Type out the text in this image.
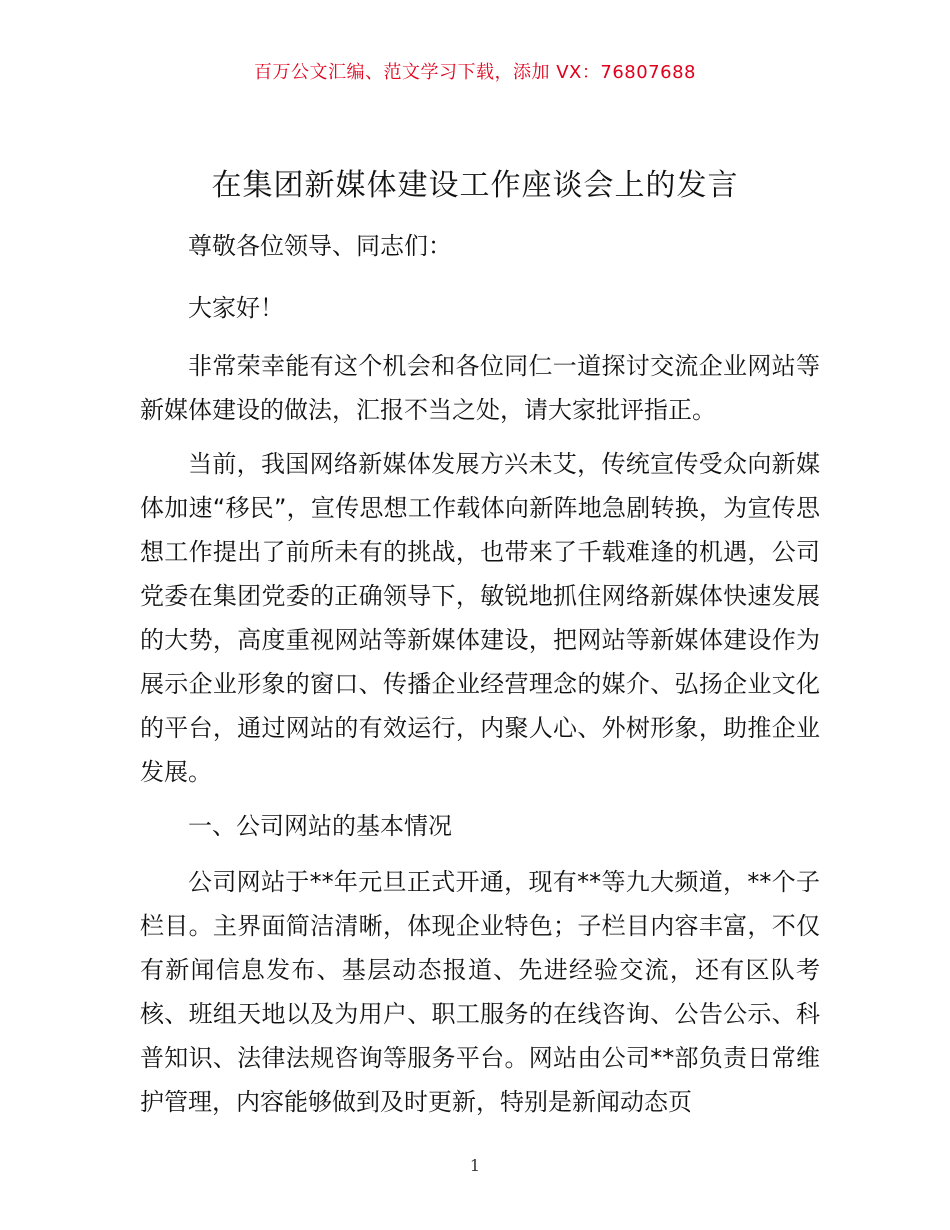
百万公文汇编、范文学习下载，添加 VX：76807688
在集团新媒体建设工作座谈会上的发言

尊敬各位领导、同志们：

大家好！

非常荣幸能有这个机会和各位同仁一道探讨交流企业网站等新媒体建设的做法，汇报不当之处，请大家批评指正。

当前，我国网络新媒体发展方兴未艾，传统宣传受众向新媒体加速“移民”，宣传思想工作载体向新阵地急剧转换，为宣传思想工作提出了前所未有的挑战，也带来了千载难逢的机遇，公司党委在集团党委的正确领导下，敏锐地抓住网络新媒体快速发展的大势，高度重视网站等新媒体建设，把网站等新媒体建设作为展示企业形象的窗口、传播企业经营理念的媒介、弘扬企业文化的平台，通过网站的有效运行，内聚人心、外树形象，助推企业发展。

一、公司网站的基本情况

公司网站于**年元旦正式开通，现有**等九大频道，**个子栏目。主界面简洁清晰，体现企业特色；子栏目内容丰富，不仅有新闻信息发布、基层动态报道、先进经验交流，还有区队考核、班组天地以及为用户、职工服务的在线咨询、公告公示、科普知识、法律法规咨询等服务平台。网站由公司**部负责日常维护管理，内容能够做到及时更新，特别是新闻动态页

1
